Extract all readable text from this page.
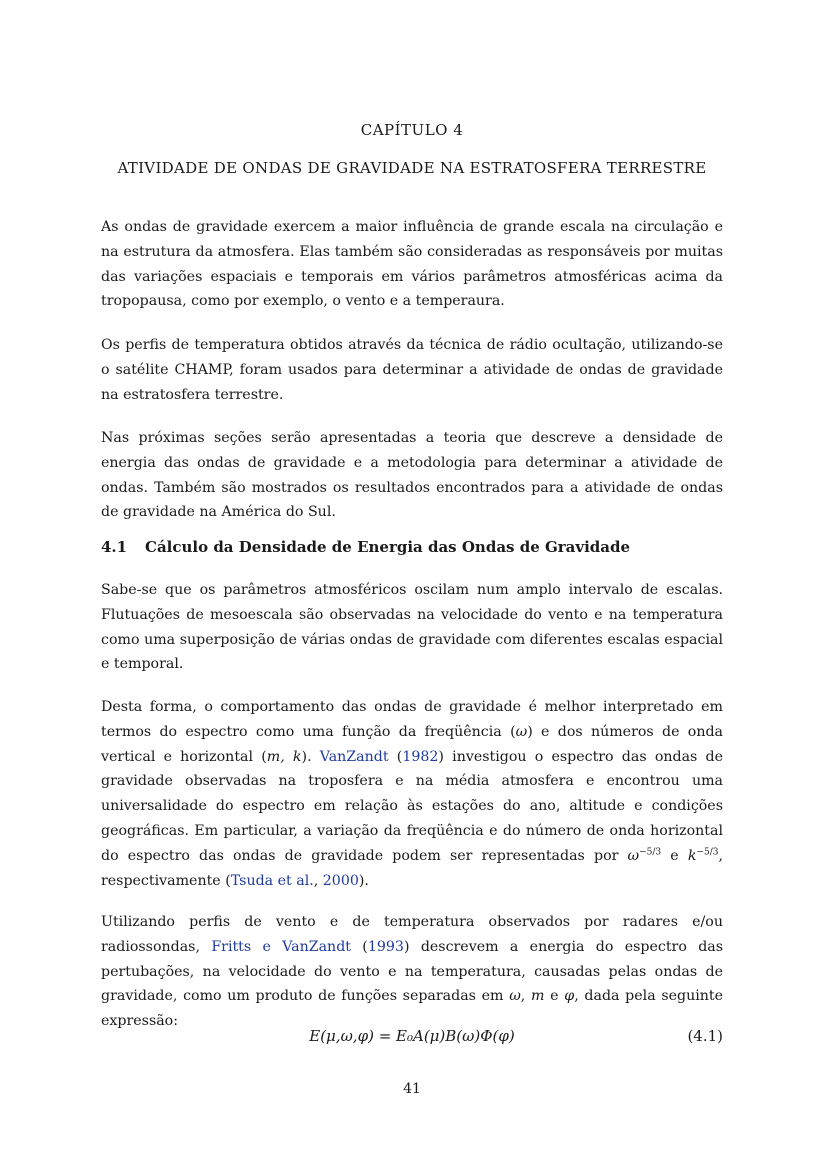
CAPÍTULO 4
ATIVIDADE DE ONDAS DE GRAVIDADE NA ESTRATOSFERA TERRESTRE

As ondas de gravidade exercem a maior influência de grande escala na circulação e na estrutura da atmosfera. Elas também são consideradas as responsáveis por muitas das variações espaciais e temporais em vários parâmetros atmosféricas acima da tropopausa, como por exemplo, o vento e a temperaura.

Os perfis de temperatura obtidos através da técnica de rádio ocultação, utilizando-se o satélite CHAMP, foram usados para determinar a atividade de ondas de gravidade na estratosfera terrestre.

Nas próximas seções serão apresentadas a teoria que descreve a densidade de energia das ondas de gravidade e a metodologia para determinar a atividade de ondas. Também são mostrados os resultados encontrados para a atividade de ondas de gravidade na América do Sul.

4.1 Cálculo da Densidade de Energia das Ondas de Gravidade

Sabe-se que os parâmetros atmosféricos oscilam num amplo intervalo de escalas. Flutuações de mesoescala são observadas na velocidade do vento e na temperatura como uma superposição de várias ondas de gravidade com diferentes escalas espacial e temporal.

Desta forma, o comportamento das ondas de gravidade é melhor interpretado em termos do espectro como uma função da freqüência (ω) e dos números de onda vertical e horizontal (m, k). VanZandt (1982) investigou o espectro das ondas de gravidade observadas na troposfera e na média atmosfera e encontrou uma universalidade do espectro em relação às estações do ano, altitude e condições geográficas. Em particular, a variação da freqüência e do número de onda horizontal do espectro das ondas de gravidade podem ser representadas por $\omega^{-5/3}$ e $k^{-5/3}$, respectivamente (Tsuda et al., 2000).

Utilizando perfis de vento e de temperatura observados por radares e/ou radiossondas, Fritts e VanZandt (1993) descrevem a energia do espectro das pertubações, na velocidade do vento e na temperatura, causadas pelas ondas de gravidade, como um produto de funções separadas em ω, m e φ, dada pela seguinte expressão:

E(μ,ω,φ) = E₀A(μ)B(ω)Φ(φ)	(4.1)
41
